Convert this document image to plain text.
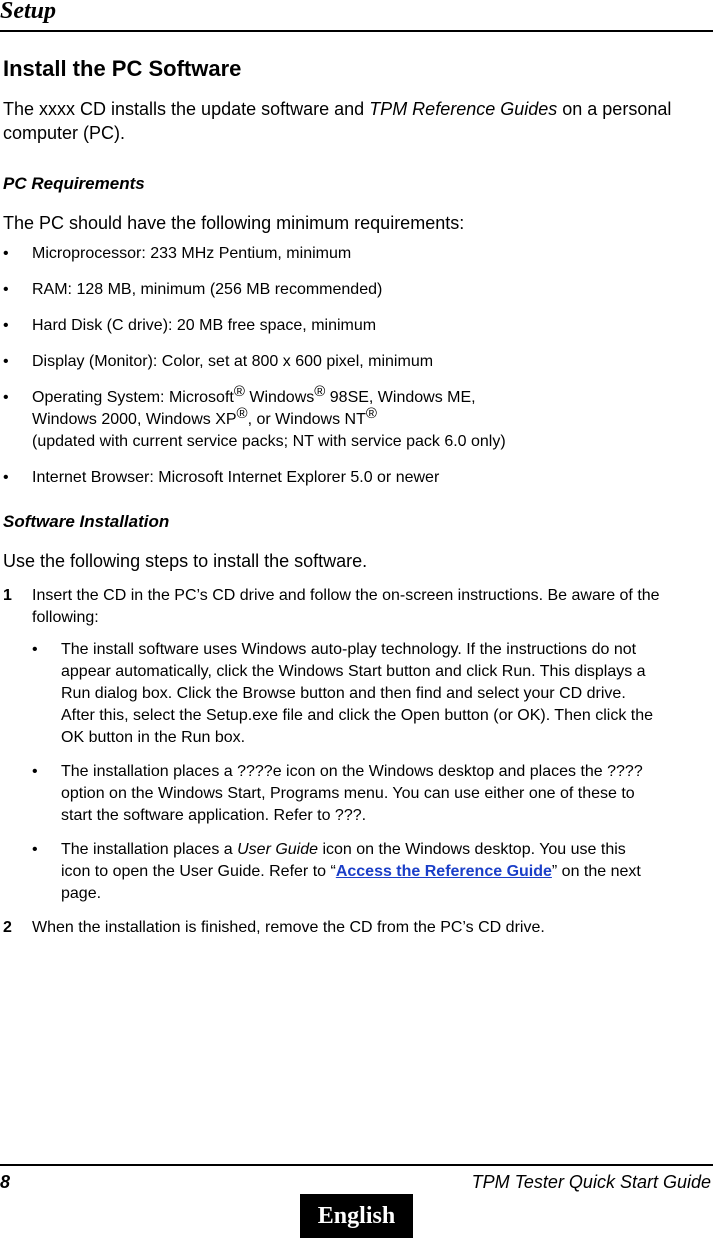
Setup
Install the PC Software

The xxxx CD installs the update software and TPM Reference Guides on a personal computer (PC).

PC Requirements

The PC should have the following minimum requirements:

• Microprocessor: 233 MHz Pentium, minimum
• RAM: 128 MB, minimum (256 MB recommended)
• Hard Disk (C drive): 20 MB free space, minimum
• Display (Monitor): Color, set at 800 x 600 pixel, minimum
• Operating System: Microsoft® Windows® 98SE, Windows ME,
Windows 2000, Windows XP®, or Windows NT®
(updated with current service packs; NT with service pack 6.0 only)
• Internet Browser: Microsoft Internet Explorer 5.0 or newer
Software Installation

Use the following steps to install the software.

1 Insert the CD in the PC’s CD drive and follow the on-screen instructions. Be aware of the following:
• The install software uses Windows auto-play technology. If the instructions do not appear automatically, click the Windows Start button and click Run. This displays a Run dialog box. Click the Browse button and then find and select your CD drive. After this, select the Setup.exe file and click the Open button (or OK). Then click the OK button in the Run box.
• The installation places a ????e icon on the Windows desktop and places the ???? option on the Windows Start, Programs menu. You can use either one of these to start the software application. Refer to ???.
• The installation places a User Guide icon on the Windows desktop. You use this icon to open the User Guide. Refer to “Access the Reference Guide” on the next page.
2 When the installation is finished, remove the CD from the PC’s CD drive.
8	TPM Tester Quick Start Guide
English
